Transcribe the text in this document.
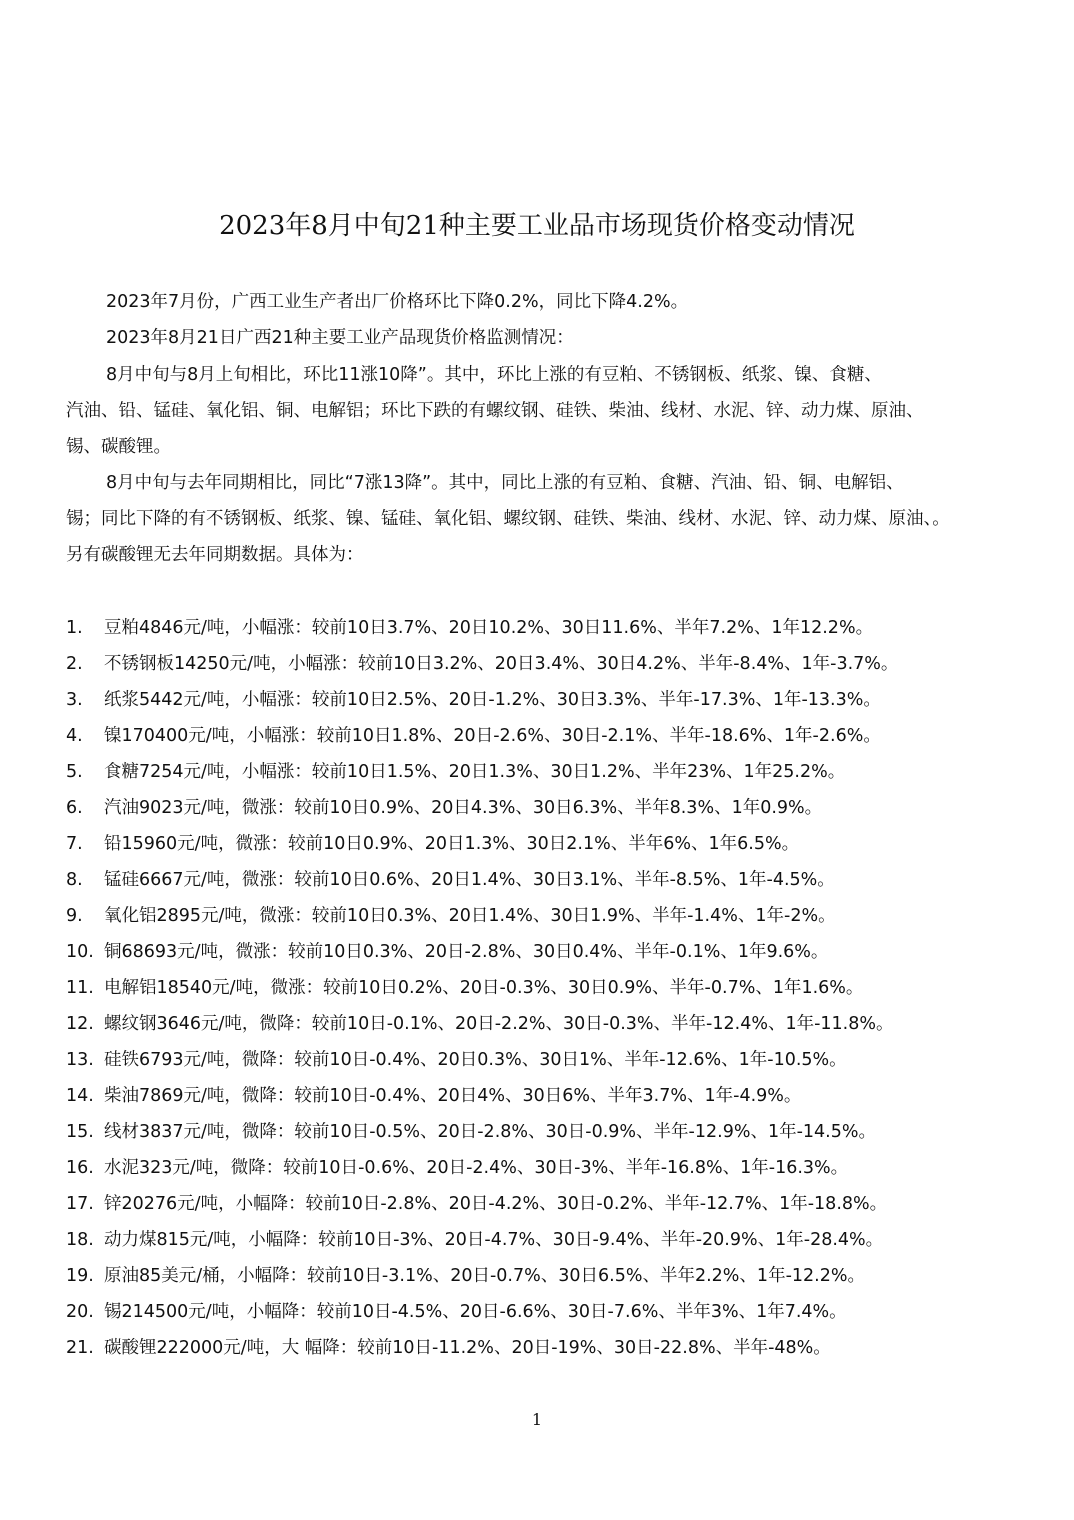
2023年8月中旬21种主要工业品市场现货价格变动情况
2023年7月份，广西工业生产者出厂价格环比下降0.2%，同比下降4.2%。
2023年8月21日广西21种主要工业产品现货价格监测情况：
8月中旬与8月上旬相比，环比11涨10降”。其中，环比上涨的有豆粕、不锈钢板、纸浆、镍、食糖、
汽油、铅、锰硅、氧化铝、铜、电解铝；环比下跌的有螺纹钢、硅铁、柴油、线材、水泥、锌、动力煤、原油、
锡、碳酸锂。
8月中旬与去年同期相比，同比“7涨13降”。其中，同比上涨的有豆粕、食糖、汽油、铅、铜、电解铝、
锡；同比下降的有不锈钢板、纸浆、镍、锰硅、氧化铝、螺纹钢、硅铁、柴油、线材、水泥、锌、动力煤、原油、。
另有碳酸锂无去年同期数据。具体为：
1. 豆粕4846元/吨，小幅涨：较前10日3.7%、20日10.2%、30日11.6%、半年7.2%、1年12.2%。
2. 不锈钢板14250元/吨，小幅涨：较前10日3.2%、20日3.4%、30日4.2%、半年-8.4%、1年-3.7%。
3. 纸浆5442元/吨，小幅涨：较前10日2.5%、20日-1.2%、30日3.3%、半年-17.3%、1年-13.3%。
4. 镍170400元/吨，小幅涨：较前10日1.8%、20日-2.6%、30日-2.1%、半年-18.6%、1年-2.6%。
5. 食糖7254元/吨，小幅涨：较前10日1.5%、20日1.3%、30日1.2%、半年23%、1年25.2%。
6. 汽油9023元/吨，微涨：较前10日0.9%、20日4.3%、30日6.3%、半年8.3%、1年0.9%。
7. 铅15960元/吨，微涨：较前10日0.9%、20日1.3%、30日2.1%、半年6%、1年6.5%。
8. 锰硅6667元/吨，微涨：较前10日0.6%、20日1.4%、30日3.1%、半年-8.5%、1年-4.5%。
9. 氧化铝2895元/吨，微涨：较前10日0.3%、20日1.4%、30日1.9%、半年-1.4%、1年-2%。
10. 铜68693元/吨，微涨：较前10日0.3%、20日-2.8%、30日0.4%、半年-0.1%、1年9.6%。
11. 电解铝18540元/吨，微涨：较前10日0.2%、20日-0.3%、30日0.9%、半年-0.7%、1年1.6%。
12. 螺纹钢3646元/吨，微降：较前10日-0.1%、20日-2.2%、30日-0.3%、半年-12.4%、1年-11.8%。
13. 硅铁6793元/吨，微降：较前10日-0.4%、20日0.3%、30日1%、半年-12.6%、1年-10.5%。
14. 柴油7869元/吨，微降：较前10日-0.4%、20日4%、30日6%、半年3.7%、1年-4.9%。
15. 线材3837元/吨，微降：较前10日-0.5%、20日-2.8%、30日-0.9%、半年-12.9%、1年-14.5%。
16. 水泥323元/吨，微降：较前10日-0.6%、20日-2.4%、30日-3%、半年-16.8%、1年-16.3%。
17. 锌20276元/吨，小幅降：较前10日-2.8%、20日-4.2%、30日-0.2%、半年-12.7%、1年-18.8%。
18. 动力煤815元/吨，小幅降：较前10日-3%、20日-4.7%、30日-9.4%、半年-20.9%、1年-28.4%。
19. 原油85美元/桶，小幅降：较前10日-3.1%、20日-0.7%、30日6.5%、半年2.2%、1年-12.2%。
20. 锡214500元/吨，小幅降：较前10日-4.5%、20日-6.6%、30日-7.6%、半年3%、1年7.4%。
21. 碳酸锂222000元/吨，大 幅降：较前10日-11.2%、20日-19%、30日-22.8%、半年-48%。
1
